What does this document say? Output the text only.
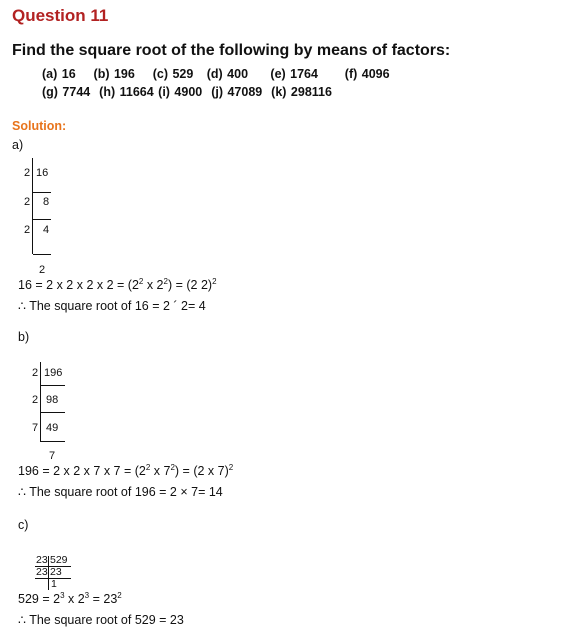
Question 11
Find the square root of the following by means of factors:
(a) 16    (b) 196    (c) 529   (d) 400     (e) 1764      (f) 4096
(g) 7744  (h) 11664 (i) 4900  (j) 47089  (k) 298116
Solution:
a)
2 16
2 8
2 4
2
16 = 2 x 2 x 2 x $2 = (2^2$ x $2^2) = (2$ 2)$^2$
∴ The square root of 16 = 2 ´ 2= 4
b)
2 196
2 98
7 49
7
196 = 2 x 2 x 7 x $7 = (2^2$ x $7^2) = (2$ x 7)$^2$
∴ The square root of 196 = 2 × 7= 14
c)
23 529
23 23
1
$529 = 2^3$ x $2^3 = 23^2$
∴ The square root of 529 = 23
